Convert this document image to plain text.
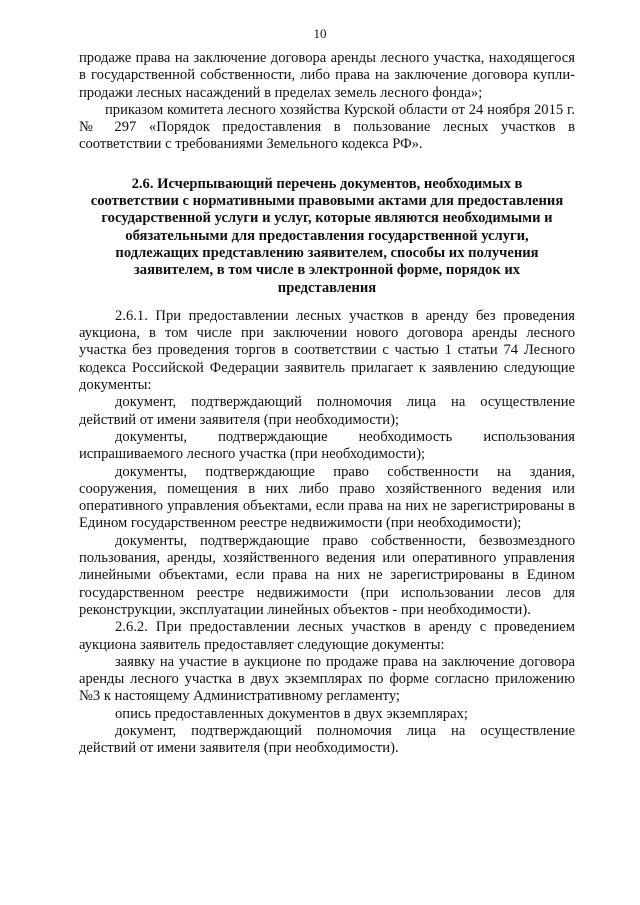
10

продаже права на заключение договора аренды лесного участка, находящегося в государственной собственности, либо права на заключение договора купли-продажи лесных насаждений в пределах земель лесного фонда»;

приказом комитета лесного хозяйства Курской области от 24 ноября 2015 г. № 297 «Порядок предоставления в пользование лесных участков в соответствии с требованиями Земельного кодекса РФ».

2.6. Исчерпывающий перечень документов, необходимых в соответствии с нормативными правовыми актами для предоставления государственной услуги и услуг, которые являются необходимыми и обязательными для предоставления государственной услуги, подлежащих представлению заявителем, способы их получения заявителем, в том числе в электронной форме, порядок их представления

2.6.1. При предоставлении лесных участков в аренду без проведения аукциона, в том числе при заключении нового договора аренды лесного участка без проведения торгов в соответствии с частью 1 статьи 74 Лесного кодекса Российской Федерации заявитель прилагает к заявлению следующие документы:

документ, подтверждающий полномочия лица на осуществление действий от имени заявителя (при необходимости);

документы, подтверждающие необходимость использования испрашиваемого лесного участка (при необходимости);

документы, подтверждающие право собственности на здания, сооружения, помещения в них либо право хозяйственного ведения или оперативного управления объектами, если права на них не зарегистрированы в Едином государственном реестре недвижимости (при необходимости);

документы, подтверждающие право собственности, безвозмездного пользования, аренды, хозяйственного ведения или оперативного управления линейными объектами, если права на них не зарегистрированы в Едином государственном реестре недвижимости (при использовании лесов для реконструкции, эксплуатации линейных объектов - при необходимости).

2.6.2. При предоставлении лесных участков в аренду с проведением аукциона заявитель предоставляет следующие документы:

заявку на участие в аукционе по продаже права на заключение договора аренды лесного участка в двух экземплярах по форме согласно приложению №3 к настоящему Административному регламенту;

опись предоставленных документов в двух экземплярах;

документ, подтверждающий полномочия лица на осуществление действий от имени заявителя (при необходимости).
